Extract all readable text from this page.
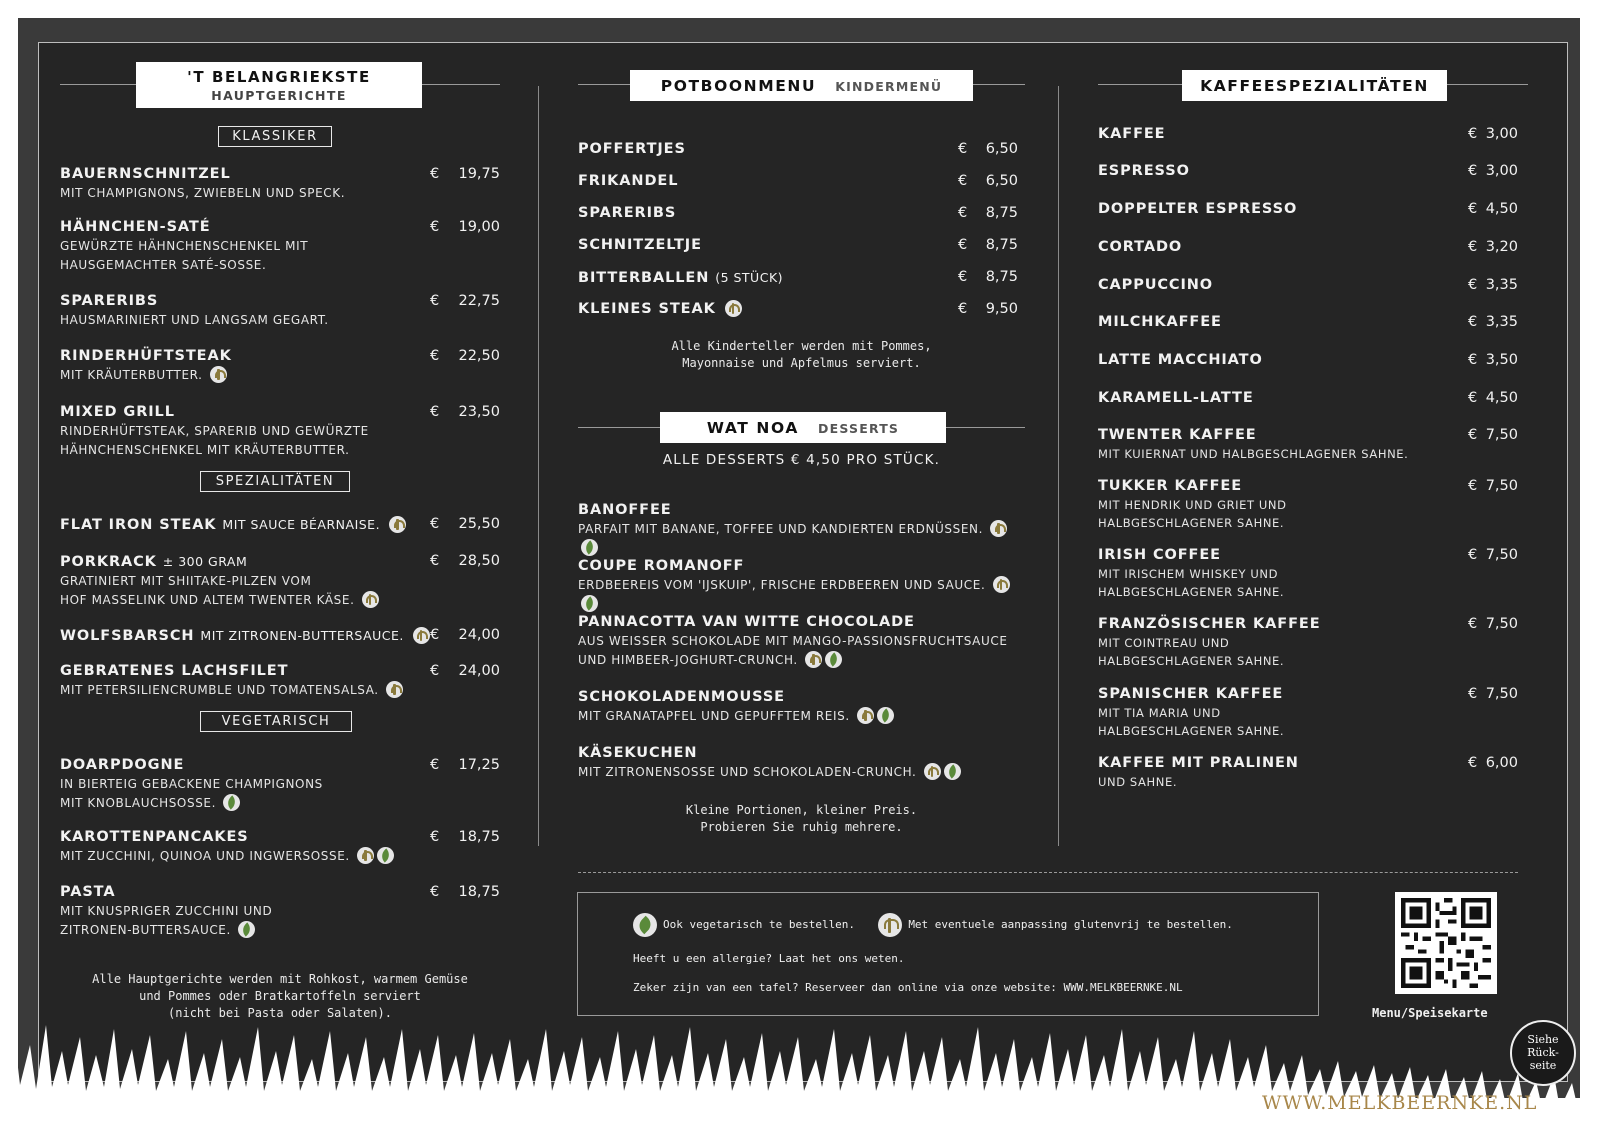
'T BELANGRIEKSTE
HAUPTGERICHTE
KLASSIKER
BAUERNSCHNITZEL
MIT CHAMPIGNONS, ZWIEBELN UND SPECK.
€ 19,75
HÄHNCHEN-SATÉ
GEWÜRZTE HÄHNCHENSCHENKEL MIT
HAUSGEMACHTER SATÉ-SOSSE.
€ 19,00
SPARERIBS
HAUSMARINIERT UND LANGSAM GEGART.
€ 22,75
RINDERHÜFTSTEAK
MIT KRÄUTERBUTTER.
€ 22,50
MIXED GRILL
RINDERHÜFTSTEAK, SPARERIB UND GEWÜRZTE
HÄHNCHENSCHENKEL MIT KRÄUTERBUTTER.
€ 23,50
SPEZIALITÄTEN
FLAT IRON STEAK MIT SAUCE BÉARNAISE.	€ 25,50
PORKRACK ± 300 GRAM
GRATINIERT MIT SHIITAKE-PILZEN VOM
HOF MASSELINK UND ALTEM TWENTER KÄSE.
€ 28,50
WOLFSBARSCH MIT ZITRONEN-BUTTERSAUCE.	€ 24,00
GEBRATENES LACHSFILET
MIT PETERSILIENCRUMBLE UND TOMATENSALSA.
€ 24,00
VEGETARISCH
DOARPDOGNE
IN BIERTEIG GEBACKENE CHAMPIGNONS
MIT KNOBLAUCHSOSSE.
€ 17,25
KAROTTENPANCAKES
MIT ZUCCHINI, QUINOA UND INGWERSOSSE.
€ 18,75
PASTA
MIT KNUSPRIGER ZUCCHINI UND
ZITRONEN-BUTTERSAUCE.
€ 18,75
Alle Hauptgerichte werden mit Rohkost, warmem Gemüse
und Pommes oder Bratkartoffeln serviert
(nicht bei Pasta oder Salaten).
POTBOONMENU KINDERMENÜ
POFFERTJES	€ 6,50
FRIKANDEL	€ 6,50
SPARERIBS	€ 8,75
SCHNITZELTJE	€ 8,75
BITTERBALLEN (5 STÜCK)	€ 8,75
KLEINES STEAK	€ 9,50
Alle Kinderteller werden mit Pommes,
Mayonnaise und Apfelmus serviert.
WAT NOA DESSERTS
ALLE DESSERTS € 4,50 PRO STÜCK.
BANOFFEE
PARFAIT MIT BANANE, TOFFEE UND KANDIERTEN ERDNÜSSEN.
COUPE ROMANOFF
ERDBEEREIS VOM 'IJSKUIP', FRISCHE ERDBEEREN UND SAUCE.
PANNACOTTA VAN WITTE CHOCOLADE
AUS WEISSER SCHOKOLADE MIT MANGO-PASSIONSFRUCHTSAUCE
UND HIMBEER-JOGHURT-CRUNCH.
SCHOKOLADENMOUSSE
MIT GRANATAPFEL UND GEPUFFTEM REIS.
KÄSEKUCHEN
MIT ZITRONENSOSSE UND SCHOKOLADEN-CRUNCH.
Kleine Portionen, kleiner Preis.
Probieren Sie ruhig mehrere.
KAFFEESPEZIALITÄTEN
KAFFEE	€ 3,00
ESPRESSO	€ 3,00
DOPPELTER ESPRESSO	€ 4,50
CORTADO	€ 3,20
CAPPUCCINO	€ 3,35
MILCHKAFFEE	€ 3,35
LATTE MACCHIATO	€ 3,50
KARAMELL-LATTE	€ 4,50
TWENTER KAFFEE
MIT KUIERNAT UND HALBGESCHLAGENER SAHNE.
€ 7,50
TUKKER KAFFEE
MIT HENDRIK UND GRIET UND
HALBGESCHLAGENER SAHNE.
€ 7,50
IRISH COFFEE
MIT IRISCHEM WHISKEY UND
HALBGESCHLAGENER SAHNE.
€ 7,50
FRANZÖSISCHER KAFFEE
MIT COINTREAU UND
HALBGESCHLAGENER SAHNE.
€ 7,50
SPANISCHER KAFFEE
MIT TIA MARIA UND
HALBGESCHLAGENER SAHNE.
€ 7,50
KAFFEE MIT PRALINEN
UND SAHNE.
€ 6,00
Ook vegetarisch te bestellen.	Met eventuele aanpassing glutenvrij te bestellen.
Heeft u een allergie? Laat het ons weten.
Zeker zijn van een tafel? Reserveer dan online via onze website: WWW.MELKBEERNKE.NL
Menu/Speisekarte
Siehe
Rück-
seite
WWW.MELKBEERNKE.NL
